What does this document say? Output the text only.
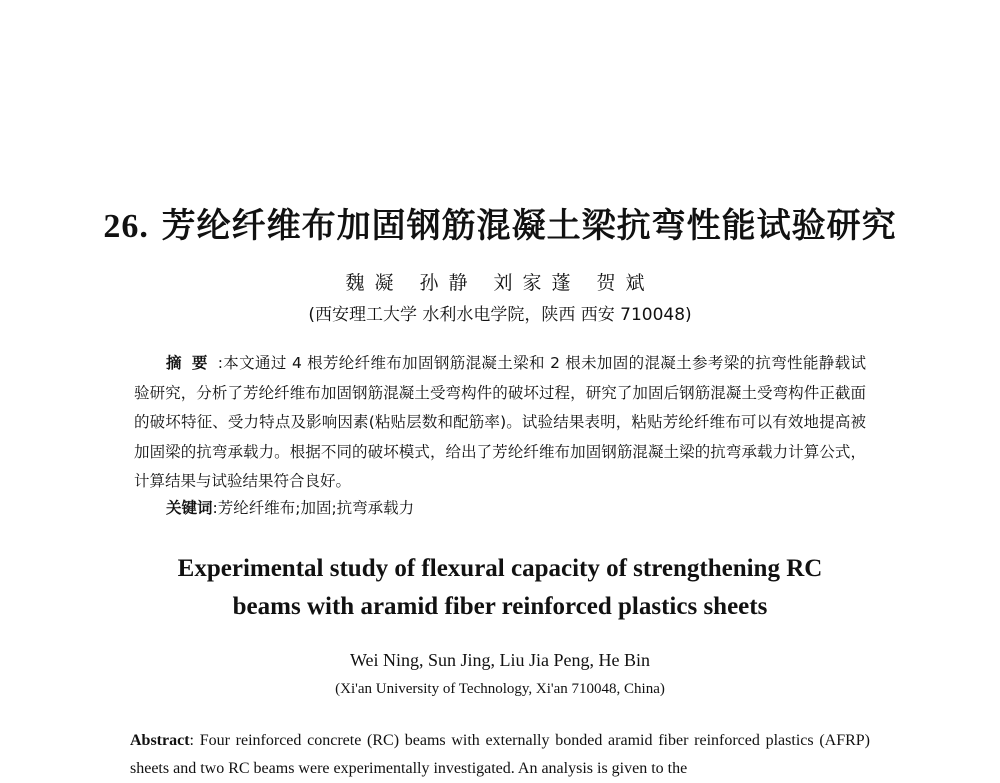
26. 芳纶纤维布加固钢筋混凝土梁抗弯性能试验研究
魏凝 孙静 刘家蓬 贺斌
(西安理工大学 水利水电学院，陕西 西安 710048)
摘要:本文通过 4 根芳纶纤维布加固钢筋混凝土梁和 2 根未加固的混凝土参考梁的抗弯性能静载试验研究，分析了芳纶纤维布加固钢筋混凝土受弯构件的破坏过程，研究了加固后钢筋混凝土受弯构件正截面的破坏特征、受力特点及影响因素(粘贴层数和配筋率)。试验结果表明，粘贴芳纶纤维布可以有效地提高被加固梁的抗弯承载力。根据不同的破坏模式，给出了芳纶纤维布加固钢筋混凝土梁的抗弯承载力计算公式，计算结果与试验结果符合良好。
关键词:芳纶纤维布;加固;抗弯承载力
Experimental study of flexural capacity of strengthening RC
beams with aramid fiber reinforced plastics sheets
Wei Ning, Sun Jing, Liu Jia Peng, He Bin
(Xi'an University of Technology, Xi'an 710048, China)
Abstract: Four reinforced concrete (RC) beams with externally bonded aramid fiber reinforced plastics (AFRP) sheets and two RC beams were experimentally investigated. An analysis is given to the
